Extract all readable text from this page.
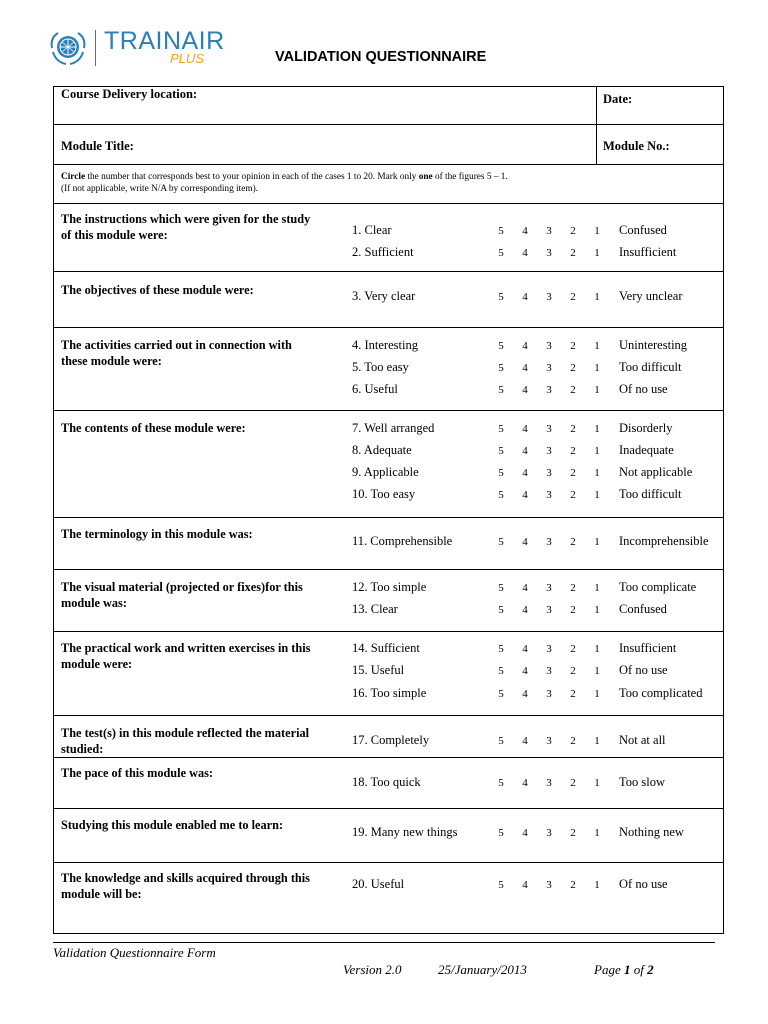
TRAINAIR
PLUS	VALIDATION QUESTIONNAIRE
Course Delivery location:	Date:
Module Title:	Module No.:
Circle the number that corresponds best to your opinion in each of the cases 1 to 20. Mark only one of the figures 5 – 1.
(If not applicable, write N/A by corresponding item).
The instructions which were given for the study of this module were:	1. Clear	5 4 3 2 1 Confused
2. Sufficient	5 4 3 2 1 Insufficient
The objectives of these module were:	3. Very clear	5 4 3 2 1 Very unclear
The activities carried out in connection with these module were:
4. Interesting	5 4 3 2 1 Uninteresting
5. Too easy	5 4 3 2 1 Too difficult
6. Useful	5 4 3 2 1 Of no use
The contents of these module were:	7. Well arranged	5 4 3 2 1 Disorderly
8. Adequate	5 4 3 2 1 Inadequate
9. Applicable	5 4 3 2 1 Not applicable
10. Too easy	5 4 3 2 1 Too difficult
The terminology in this module was:	11. Comprehensible	5 4 3 2 1 Incomprehensible
The visual material (projected or fixes)for this module was:
12. Too simple	5 4 3 2 1 Too complicate
13. Clear	5 4 3 2 1 Confused
The practical work and written exercises in this module were:
14. Sufficient	5 4 3 2 1 Insufficient
15. Useful	5 4 3 2 1 Of no use
16. Too simple	5 4 3 2 1 Too complicated
The test(s) in this module reflected the material studied:
17. Completely	5 4 3 2 1 Not at all
The pace of this module was:
18. Too quick	5 4 3 2 1 Too slow
Studying this module enabled me to learn:	19. Many new things	5 4 3 2 1 Nothing new
The knowledge and skills acquired through this module will be:
20. Useful	5 4 3 2 1 Of no use
Validation Questionnaire Form
Version 2.0	25/January/2013	Page 1 of 2
